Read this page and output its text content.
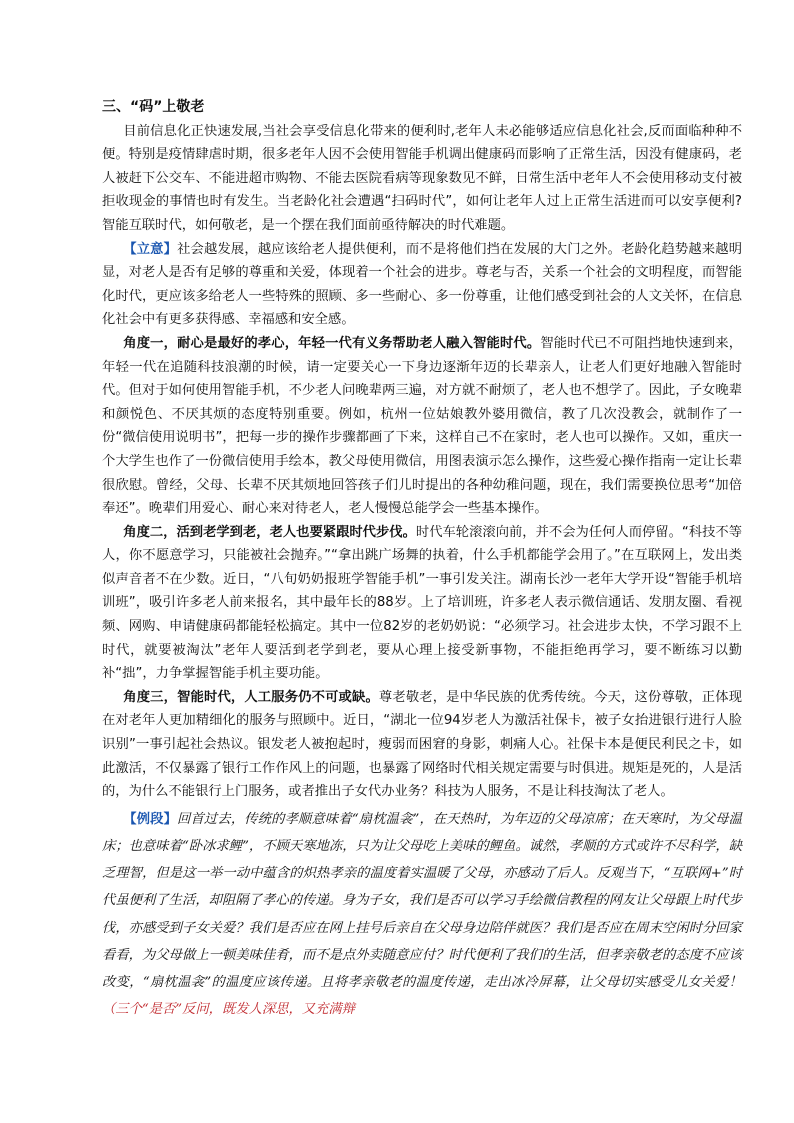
三、“码”上敬老

目前信息化正快速发展,当社会享受信息化带来的便利时,老年人未必能够适应信息化社会,反而面临种种不便。特别是疫情肆虐时期，很多老年人因不会使用智能手机调出健康码而影响了正常生活，因没有健康码，老人被赶下公交车、不能进超市购物、不能去医院看病等现象数见不鲜，日常生活中老年人不会使用移动支付被拒收现金的事情也时有发生。当老龄化社会遭遇“扫码时代”，如何让老年人过上正常生活进而可以安享便利?智能互联时代，如何敬老，是一个摆在我们面前亟待解决的时代难题。

【立意】社会越发展，越应该给老人提供便利，而不是将他们挡在发展的大门之外。老龄化趋势越来越明显，对老人是否有足够的尊重和关爱，体现着一个社会的进步。尊老与否，关系一个社会的文明程度，而智能化时代，更应该多给老人一些特殊的照顾、多一些耐心、多一份尊重，让他们感受到社会的人文关怀，在信息化社会中有更多获得感、幸福感和安全感。

角度一，耐心是最好的孝心，年轻一代有义务帮助老人融入智能时代。智能时代已不可阻挡地快速到来，年轻一代在追随科技浪潮的时候，请一定要关心一下身边逐渐年迈的长辈亲人，让老人们更好地融入智能时代。但对于如何使用智能手机，不少老人问晚辈两三遍，对方就不耐烦了，老人也不想学了。因此，子女晚辈和颜悦色、不厌其烦的态度特别重要。例如，杭州一位姑娘教外婆用微信，教了几次没教会，就制作了一份“微信使用说明书”，把每一步的操作步骤都画了下来，这样自己不在家时，老人也可以操作。又如，重庆一个大学生也作了一份微信使用手绘本，教父母使用微信，用图表演示怎么操作，这些爱心操作指南一定让长辈很欣慰。曾经，父母、长辈不厌其烦地回答孩子们儿时提出的各种幼稚问题，现在，我们需要换位思考“加倍奉还”。晚辈们用爱心、耐心来对待老人，老人慢慢总能学会一些基本操作。

角度二，活到老学到老，老人也要紧跟时代步伐。时代车轮滚滚向前，并不会为任何人而停留。“科技不等人，你不愿意学习，只能被社会抛弃。”“拿出跳广场舞的执着，什么手机都能学会用了。”在互联网上，发出类似声音者不在少数。近日，“八旬奶奶报班学智能手机”一事引发关注。湖南长沙一老年大学开设“智能手机培训班”，吸引许多老人前来报名，其中最年长的88岁。上了培训班，许多老人表示微信通话、发朋友圈、看视频、网购、申请健康码都能轻松搞定。其中一位82岁的老奶奶说：“必须学习。社会进步太快，不学习跟不上时代，就要被淘汰”老年人要活到老学到老，要从心理上接受新事物，不能拒绝再学习，要不断练习以勤补“拙”，力争掌握智能手机主要功能。

角度三，智能时代，人工服务仍不可或缺。尊老敬老，是中华民族的优秀传统。今天，这份尊敬，正体现在对老年人更加精细化的服务与照顾中。近日，“湖北一位94岁老人为激活社保卡，被子女抬进银行进行人脸识别”一事引起社会热议。银发老人被抱起时，瘦弱而困窘的身影，刺痛人心。社保卡本是便民利民之卡，如此激活，不仅暴露了银行工作作风上的问题，也暴露了网络时代相关规定需要与时俱进。规矩是死的，人是活的，为什么不能银行上门服务，或者推出子女代办业务？科技为人服务，不是让科技淘汰了老人。

【例段】回首过去，传统的孝顺意味着“扇枕温衾”，在天热时，为年迈的父母凉席；在天寒时，为父母温床；也意味着“卧冰求鲤”，不顾天寒地冻，只为让父母吃上美味的鲤鱼。诚然，孝顺的方式或许不尽科学，缺乏理智，但是这一举一动中蕴含的炽热孝亲的温度着实温暖了父母，亦感动了后人。反观当下，“互联网+”时代虽便利了生活，却阻隔了孝心的传递。身为子女，我们是否可以学习手绘微信教程的网友让父母跟上时代步伐，亦感受到子女关爱？我们是否应在网上挂号后亲自在父母身边陪伴就医？我们是否应在周末空闲时分回家看看，为父母做上一顿美味佳肴，而不是点外卖随意应付？时代便利了我们的生活，但孝亲敬老的态度不应该改变，“扇枕温衾”的温度应该传递。且将孝亲敬老的温度传递，走出冰冷屏幕，让父母切实感受儿女关爱！（三个“是否”反问，既发人深思，又充满辩
